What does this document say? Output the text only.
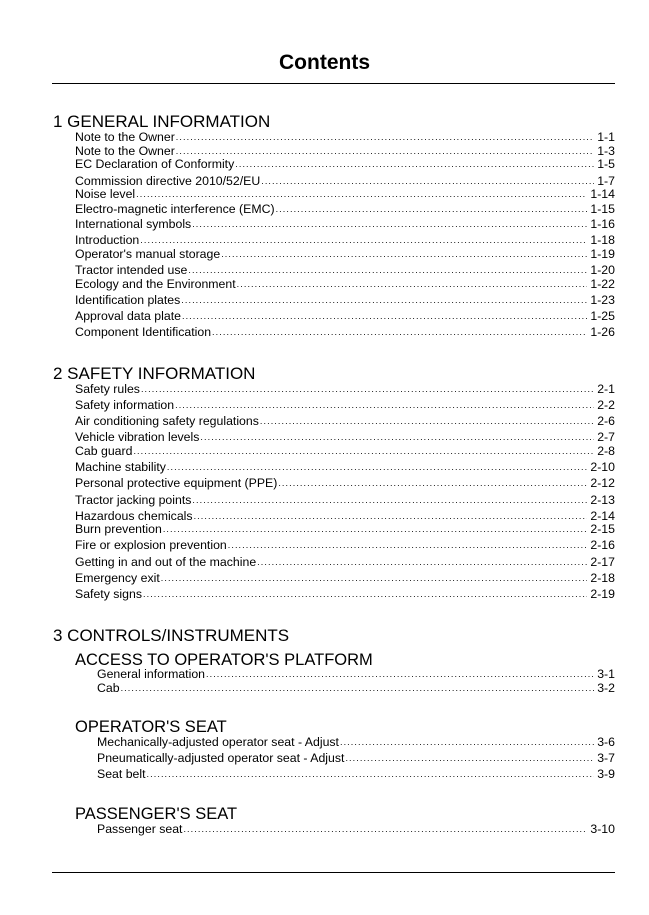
Contents
1 GENERAL INFORMATION
Note to the Owner . . .	1-1
Note to the Owner . . .	1-3
EC Declaration of Conformity . . .	1-5
Commission directive 2010/52/EU . . .	1-7
Noise level . . .	1-14
Electro-magnetic interference (EMC) . . .	1-15
International symbols . . .	1-16
Introduction . . .	1-18
Operator's manual storage . . .	1-19
Tractor intended use . . .	1-20
Ecology and the Environment . . .	1-22
Identification plates . . .	1-23
Approval data plate . . .	1-25
Component Identification . . .	1-26
2 SAFETY INFORMATION
Safety rules . . .	2-1
Safety information . . .	2-2
Air conditioning safety regulations . . .	2-6
Vehicle vibration levels . . .	2-7
Cab guard . . .	2-8
Machine stability . . .	2-10
Personal protective equipment (PPE) . . .	2-12
Tractor jacking points . . .	2-13
Hazardous chemicals . . .	2-14
Burn prevention . . .	2-15
Fire or explosion prevention . . .	2-16
Getting in and out of the machine . . .	2-17
Emergency exit . . .	2-18
Safety signs . . .	2-19
3 CONTROLS/INSTRUMENTS
ACCESS TO OPERATOR'S PLATFORM
General information . . .	3-1
Cab . . .	3-2
OPERATOR'S SEAT
Mechanically-adjusted operator seat - Adjust . . .	3-6
Pneumatically-adjusted operator seat - Adjust . . .	3-7
Seat belt . . .	3-9
PASSENGER'S SEAT
Passenger seat . . .	3-10
